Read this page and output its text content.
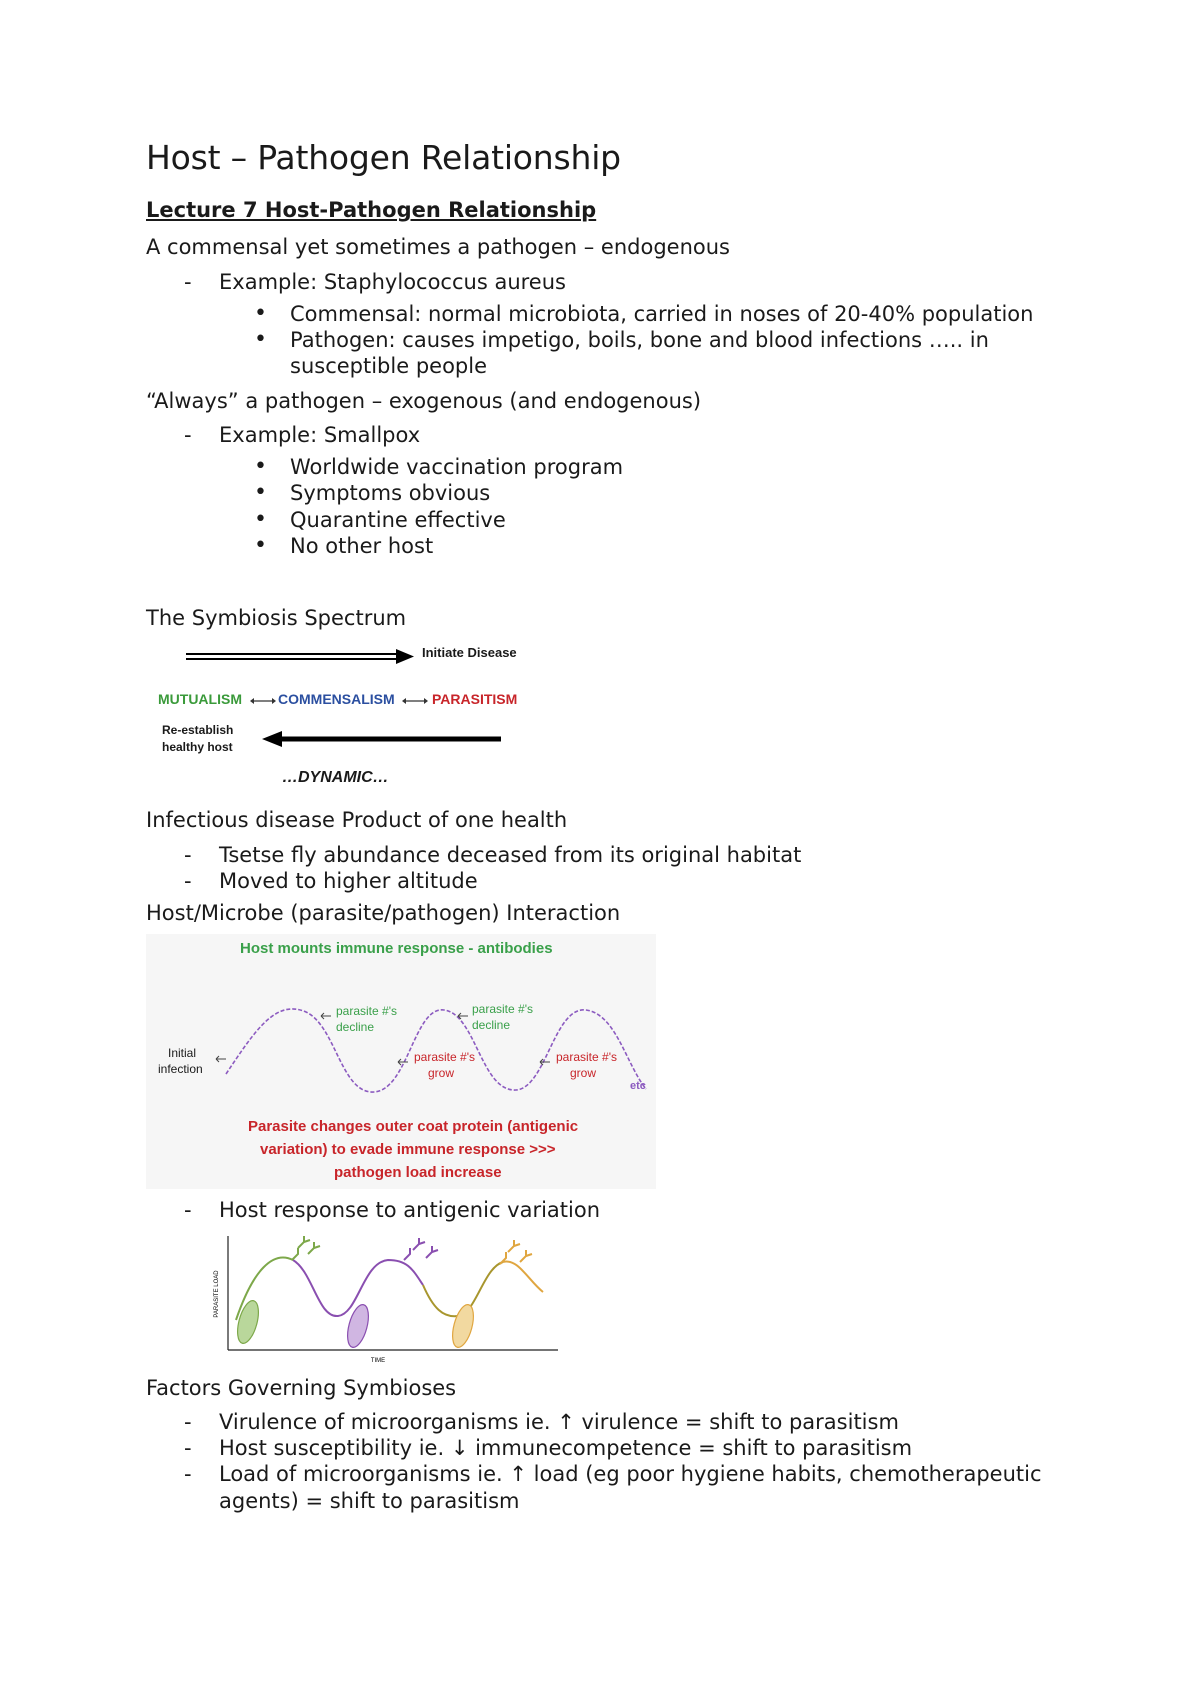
Host – Pathogen Relationship
Lecture 7 Host-Pathogen Relationship
A commensal yet sometimes a pathogen – endogenous
- Example: Staphylococcus aureus
• Commensal: normal microbiota, carried in noses of 20-40% population
• Pathogen: causes impetigo, boils, bone and blood infections ….. in susceptible people
“Always” a pathogen – exogenous (and endogenous)
- Example: Smallpox
• Worldwide vaccination program
• Symptoms obvious
• Quarantine effective
• No other host
The Symbiosis Spectrum
Initiate Disease
MUTUALISM	COMMENSALISM	PARASITISM
Re-establish
healthy host
…DYNAMIC…
Infectious disease Product of one health
- Tsetse fly abundance deceased from its original habitat
- Moved to higher altitude
Host/Microbe (parasite/pathogen) Interaction
Host mounts immune response - antibodies
Initial
infection
parasite #'s
decline
parasite #'s
decline
parasite #'s
grow
parasite #'s
grow
etc
Parasite changes outer coat protein (antigenic
variation) to evade immune response >>>
pathogen load increase
- Host response to antigenic variation
PARASITE LOAD
TIME
Factors Governing Symbioses
- Virulence of microorganisms ie. ↑ virulence = shift to parasitism
- Host susceptibility ie. ↓ immunecompetence = shift to parasitism
- Load of microorganisms ie. ↑ load (eg poor hygiene habits, chemotherapeutic agents) = shift to parasitism
